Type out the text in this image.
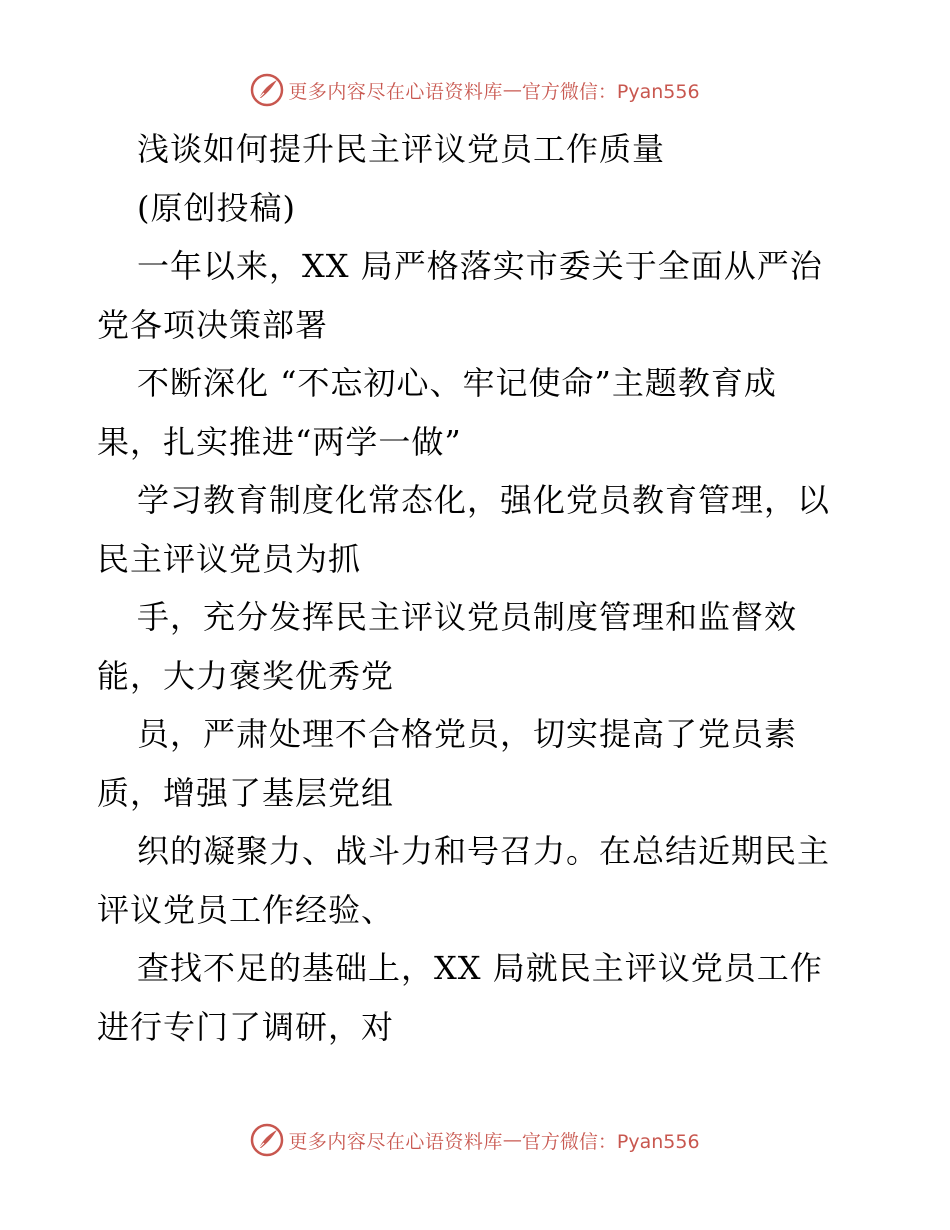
更多内容尽在心语资料库 — 官方微信：Pyan556
浅谈如何提升民主评议党员工作质量
(原创投稿)
一年以来，XX 局严格落实市委关于全面从严治
党各项决策部署
不断深化 “不忘初心、牢记使命”主题教育成
果，扎实推进“两学一做”
学习教育制度化常态化，强化党员教育管理，以
民主评议党员为抓
手，充分发挥民主评议党员制度管理和监督效
能，大力褒奖优秀党
员，严肃处理不合格党员，切实提高了党员素
质，增强了基层党组
织的凝聚力、战斗力和号召力。在总结近期民主
评议党员工作经验、
查找不足的基础上，XX 局就民主评议党员工作
进行专门了调研，对
更多内容尽在心语资料库 — 官方微信：Pyan556
